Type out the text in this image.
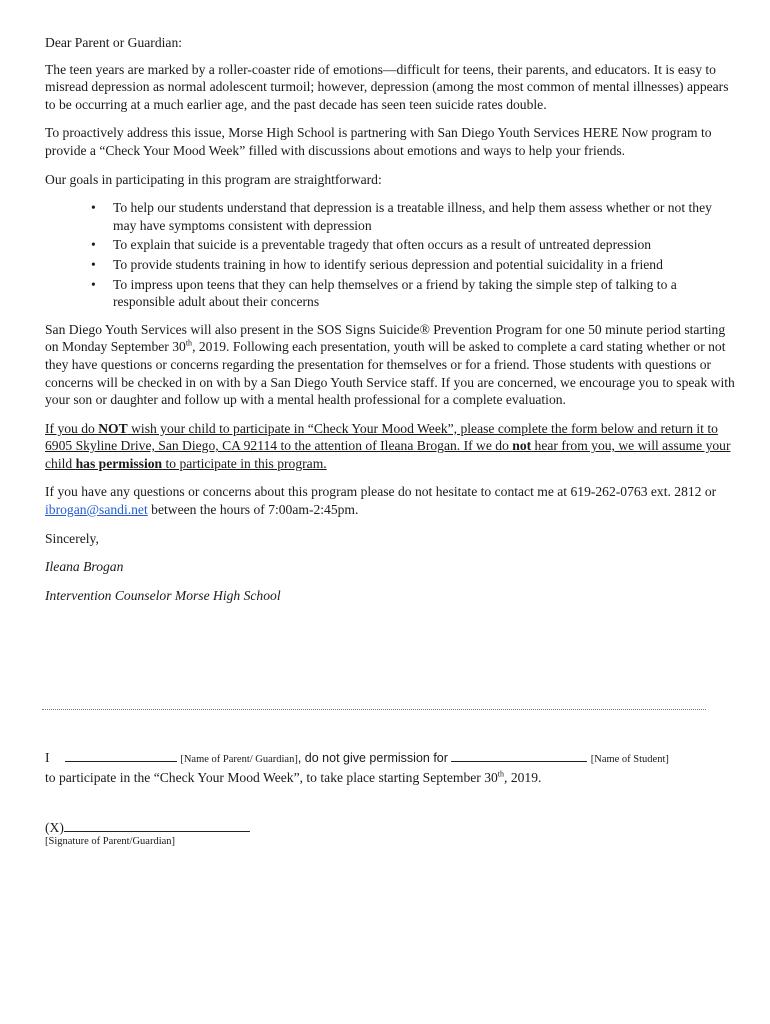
Dear Parent or Guardian:

The teen years are marked by a roller-coaster ride of emotions—difficult for teens, their parents, and educators. It is easy to misread depression as normal adolescent turmoil; however, depression (among the most common of mental illnesses) appears to be occurring at a much earlier age, and the past decade has seen teen suicide rates double.

To proactively address this issue, Morse High School is partnering with San Diego Youth Services HERE Now program to provide a “Check Your Mood Week” filled with discussions about emotions and ways to help your friends.

Our goals in participating in this program are straightforward:

• To help our students understand that depression is a treatable illness, and help them assess whether or not they may have symptoms consistent with depression
• To explain that suicide is a preventable tragedy that often occurs as a result of untreated depression
• To provide students training in how to identify serious depression and potential suicidality in a friend
• To impress upon teens that they can help themselves or a friend by taking the simple step of talking to a responsible adult about their concerns

San Diego Youth Services will also present in the SOS Signs Suicide® Prevention Program for one 50 minute period starting on Monday September 30th, 2019. Following each presentation, youth will be asked to complete a card stating whether or not they have questions or concerns regarding the presentation for themselves or for a friend. Those students with questions or concerns will be checked in on with by a San Diego Youth Service staff. If you are concerned, we encourage you to speak with your son or daughter and follow up with a mental health professional for a complete evaluation.

If you do NOT wish your child to participate in “Check Your Mood Week”, please complete the form below and return it to 6905 Skyline Drive, San Diego, CA 92114 to the attention of Ileana Brogan. If we do not hear from you, we will assume your child has permission to participate in this program.

If you have any questions or concerns about this program please do not hesitate to contact me at 619-262-0763 ext. 2812 or ibrogan@sandi.net between the hours of 7:00am-2:45pm.

Sincerely,

Ileana Brogan

Intervention Counselor Morse High School

I	[Name of Parent/ Guardian], do not give permission for	[Name of Student]
to participate in the “Check Your Mood Week”, to take place starting September 30th, 2019.
(X)
[Signature of Parent/Guardian]
